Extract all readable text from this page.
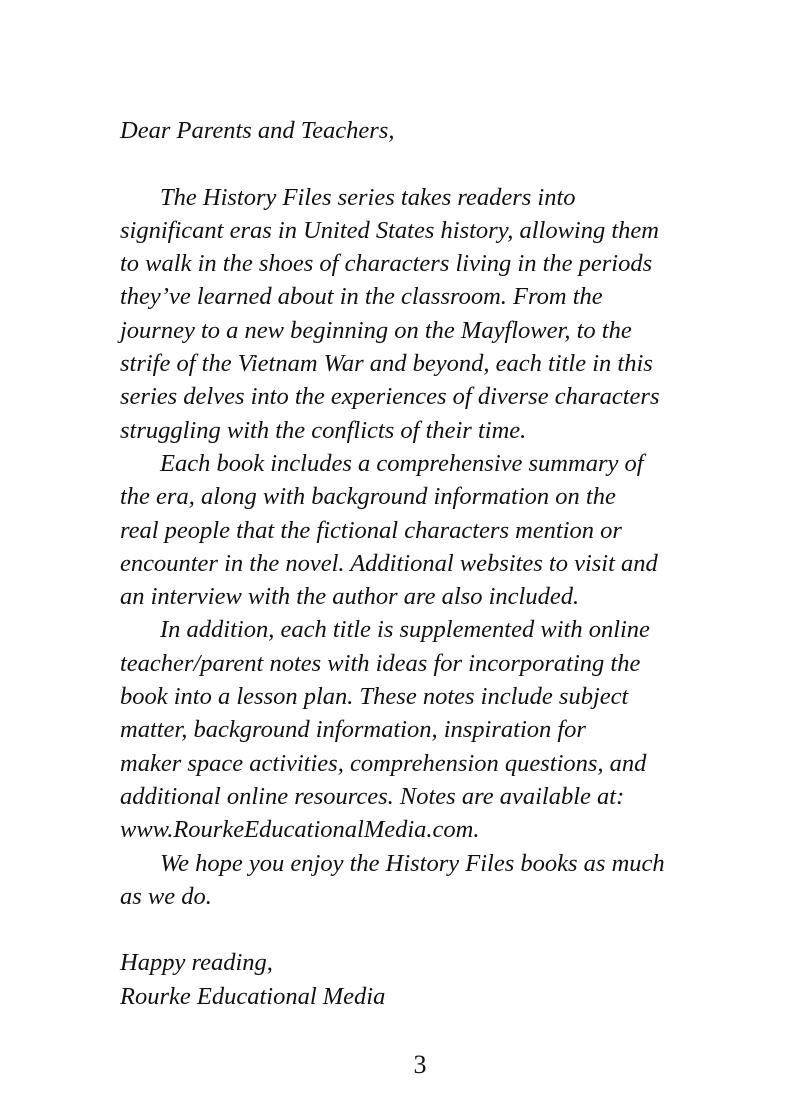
Dear Parents and Teachers,
The History Files series takes readers into
significant eras in United States history, allowing them
to walk in the shoes of characters living in the periods
they’ve learned about in the classroom. From the
journey to a new beginning on the Mayflower, to the
strife of the Vietnam War and beyond, each title in this
series delves into the experiences of diverse characters
struggling with the conflicts of their time.
Each book includes a comprehensive summary of
the era, along with background information on the
real people that the fictional characters mention or
encounter in the novel. Additional websites to visit and
an interview with the author are also included.
In addition, each title is supplemented with online
teacher/parent notes with ideas for incorporating the
book into a lesson plan. These notes include subject
matter, background information, inspiration for
maker space activities, comprehension questions, and
additional online resources. Notes are available at:
www.RourkeEducationalMedia.com.
We hope you enjoy the History Files books as much
as we do.
Happy reading,
Rourke Educational Media
3
